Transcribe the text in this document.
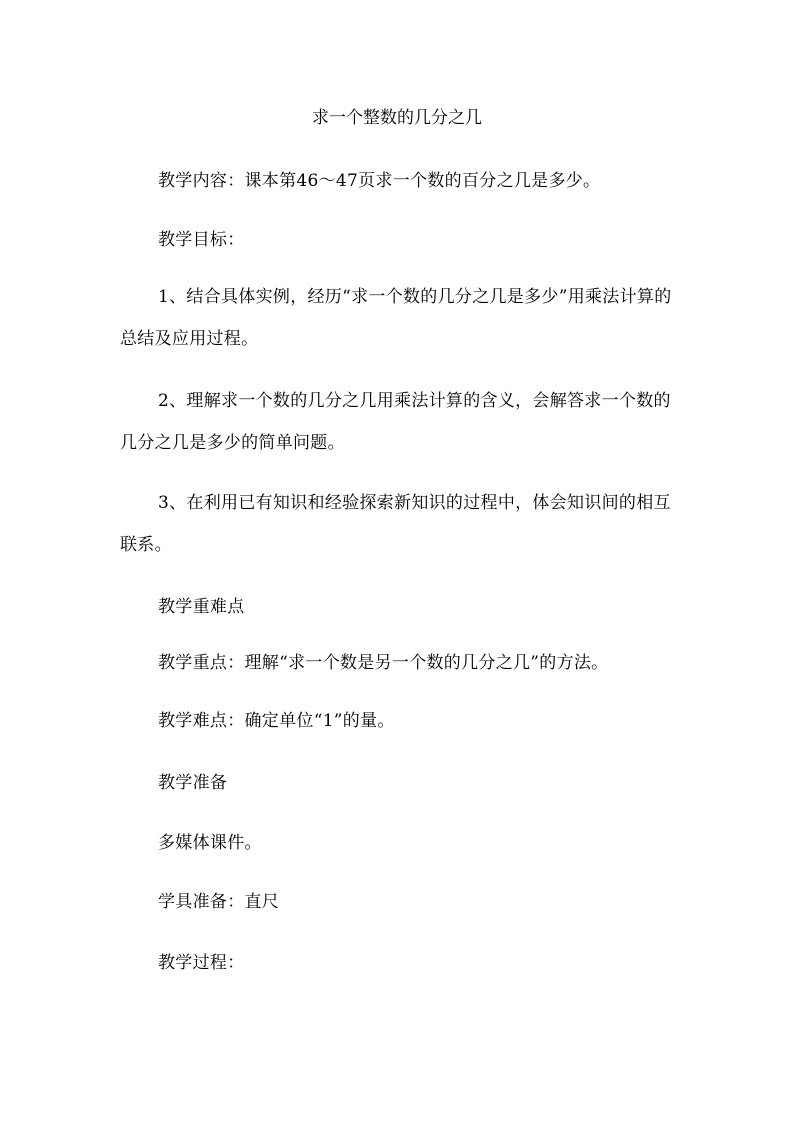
求一个整数的几分之几
教学内容：课本第46～47页求一个数的百分之几是多少。
教学目标：
1、结合具体实例，经历“求一个数的几分之几是多少”用乘法计算的总结及应用过程。
2、理解求一个数的几分之几用乘法计算的含义，会解答求一个数的几分之几是多少的简单问题。
3、在利用已有知识和经验探索新知识的过程中，体会知识间的相互联系。
教学重难点
教学重点：理解“求一个数是另一个数的几分之几”的方法。
教学难点：确定单位“1”的量。
教学准备
多媒体课件。
学具准备：直尺
教学过程：
